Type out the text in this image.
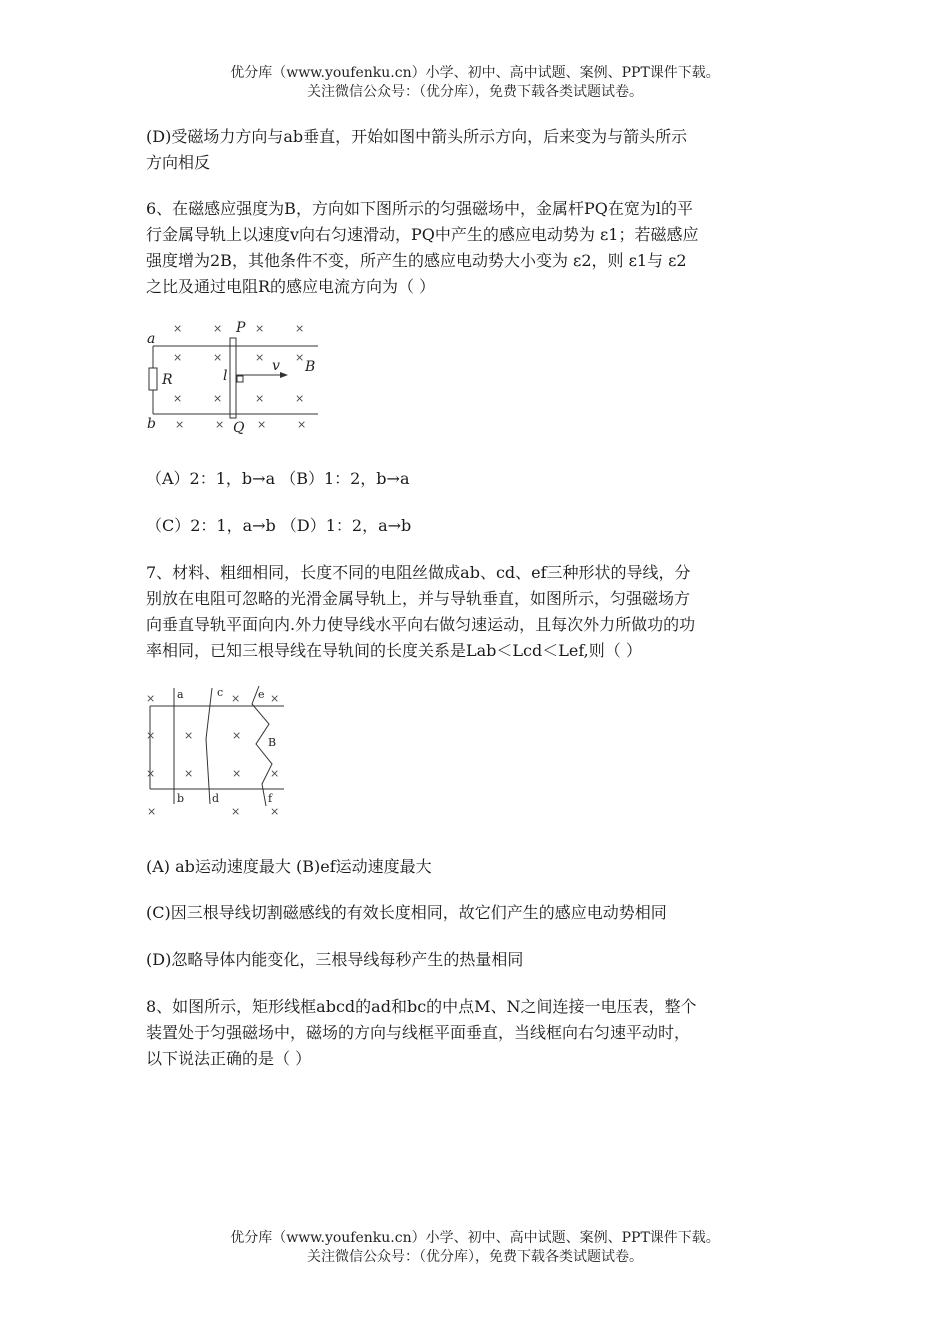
优分库（www.youfenku.cn）小学、初中、高中试题、案例、PPT课件下载。
关注微信公众号：（优分库），免费下载各类试题试卷。
(D)受磁场力方向与ab垂直，开始如图中箭头所示方向，后来变为与箭头所示
方向相反
6、在磁感应强度为B，方向如下图所示的匀强磁场中，金属杆PQ在宽为l的平
行金属导轨上以速度v向右匀速滑动，PQ中产生的感应电动势为 ε1；若磁感应
强度增为2B，其他条件不变，所产生的感应电动势大小变为 ε2，则 ε1与 ε2
之比及通过电阻R的感应电流方向为（ ）
×	×	×	×
×	×	×	×
×	×	×	×
×	×	×	×
a
b
P
Q
R	l
v B
（A）2：1，b→a （B）1：2，b→a
（C）2：1，a→b （D）1：2，a→b
7、材料、粗细相同，长度不同的电阻丝做成ab、cd、ef三种形状的导线，分
别放在电阻可忽略的光滑金属导轨上，并与导轨垂直，如图所示，匀强磁场方
向垂直导轨平面向内.外力使导线水平向右做匀速运动，且每次外力所做功的功
率相同，已知三根导线在导轨间的长度关系是Lab＜Lcd＜Lef,则（ ）
×	×	×
×	×	×
×	×	×	×
×	×	×
a
b
c
d
e
f
B
(A) ab运动速度最大 (B)ef运动速度最大
(C)因三根导线切割磁感线的有效长度相同，故它们产生的感应电动势相同
(D)忽略导体内能变化，三根导线每秒产生的热量相同
8、如图所示，矩形线框abcd的ad和bc的中点M、N之间连接一电压表，整个
装置处于匀强磁场中，磁场的方向与线框平面垂直，当线框向右匀速平动时，
以下说法正确的是（ ）
优分库（www.youfenku.cn）小学、初中、高中试题、案例、PPT课件下载。
关注微信公众号：（优分库），免费下载各类试题试卷。
